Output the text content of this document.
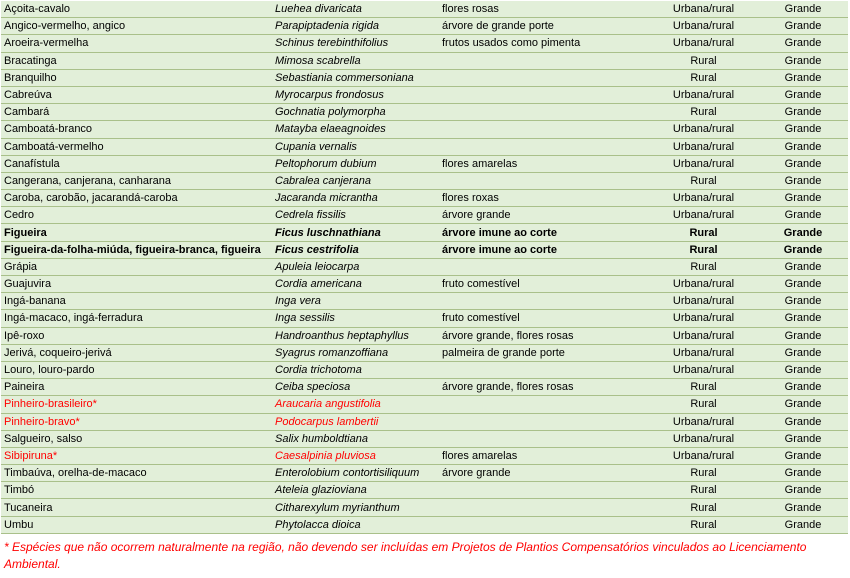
Açoita-cavalo	Luehea divaricata	flores rosas	Urbana/rural	Grande
Angico-vermelho, angico	Parapiptadenia rigida	árvore de grande porte	Urbana/rural	Grande
Aroeira-vermelha	Schinus terebinthifolius	frutos usados como pimenta	Urbana/rural	Grande
Bracatinga	Mimosa scabrella		Rural	Grande
Branquilho	Sebastiania commersoniana		Rural	Grande
Cabreúva	Myrocarpus frondosus		Urbana/rural	Grande
Cambará	Gochnatia polymorpha		Rural	Grande
Camboatá-branco	Matayba elaeagnoides		Urbana/rural	Grande
Camboatá-vermelho	Cupania vernalis		Urbana/rural	Grande
Canafístula	Peltophorum dubium	flores amarelas	Urbana/rural	Grande
Cangerana, canjerana, canharana	Cabralea canjerana		Rural	Grande
Caroba, carobão, jacarandá-caroba	Jacaranda micrantha	flores roxas	Urbana/rural	Grande
Cedro	Cedrela fissilis	árvore grande	Urbana/rural	Grande
Figueira	Ficus luschnathiana	árvore imune ao corte	Rural	Grande
Figueira-da-folha-miúda, figueira-branca, figueira	Ficus cestrifolia	árvore imune ao corte	Rural	Grande
Grápia	Apuleia leiocarpa		Rural	Grande
Guajuvira	Cordia americana	fruto comestível	Urbana/rural	Grande
Ingá-banana	Inga vera		Urbana/rural	Grande
Ingá-macaco, ingá-ferradura	Inga sessilis	fruto comestível	Urbana/rural	Grande
Ipê-roxo	Handroanthus heptaphyllus	árvore grande, flores rosas	Urbana/rural	Grande
Jerivá, coqueiro-jerivá	Syagrus romanzoffiana	palmeira de grande porte	Urbana/rural	Grande
Louro, louro-pardo	Cordia trichotoma		Urbana/rural	Grande
Paineira	Ceiba speciosa	árvore grande, flores rosas	Rural	Grande
Pinheiro-brasileiro*	Araucaria angustifolia		Rural	Grande
Pinheiro-bravo*	Podocarpus lambertii		Urbana/rural	Grande
Salgueiro, salso	Salix humboldtiana		Urbana/rural	Grande
Sibipiruna*	Caesalpinia pluviosa	flores amarelas	Urbana/rural	Grande
Timbaúva, orelha-de-macaco	Enterolobium contortisiliquum	árvore grande	Rural	Grande
Timbó	Ateleia glazioviana		Rural	Grande
Tucaneira	Citharexylum myrianthum		Rural	Grande
Umbu	Phytolacca dioica		Rural	Grande

* Espécies que não ocorrem naturalmente na região, não devendo ser incluídas em Projetos de Plantios Compensatórios vinculados ao Licenciamento Ambiental.
